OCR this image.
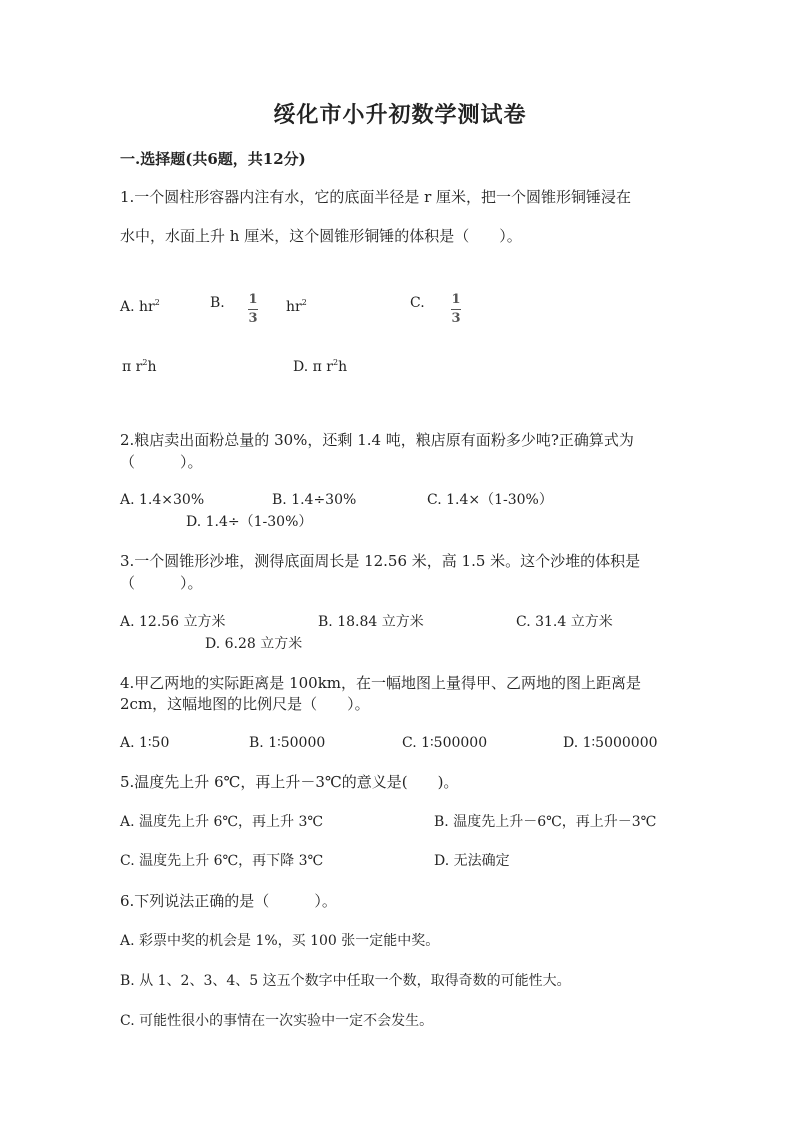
绥化市小升初数学测试卷
一.选择题(共6题，共12分)
1.一个圆柱形容器内注有水，它的底面半径是 r 厘米，把一个圆锥形铜锤浸在
水中，水面上升 h 厘米，这个圆锥形铜锤的体积是（　　）。
A. $hr^2$	B. $\frac{1}{3} hr^2$	C. $\frac{1}{3}$
π $r^2h$	D. π $r^2h$
2.粮店卖出面粉总量的 30%，还剩 1.4 吨，粮店原有面粉多少吨?正确算式为
（　　　）。
A. 1.4×30%	B. 1.4÷30%	C. 1.4×（1-30%）
D. 1.4÷（1-30%）
3.一个圆锥形沙堆，测得底面周长是 12.56 米，高 1.5 米。这个沙堆的体积是
（　　　）。
A. 12.56 立方米	B. 18.84 立方米	C. 31.4 立方米
D. 6.28 立方米
4.甲乙两地的实际距离是 100km，在一幅地图上量得甲、乙两地的图上距离是
2cm，这幅地图的比例尺是（　　）。
A. 1∶50	B. 1∶50000	C. 1∶500000	D. 1∶5000000
5.温度先上升 6℃，再上升－3℃的意义是(　　)。
A. 温度先上升 6℃，再上升 3℃	B. 温度先上升－6℃，再上升－3℃
C. 温度先上升 6℃，再下降 3℃	D. 无法确定
6.下列说法正确的是（　　　）。
A. 彩票中奖的机会是 1%，买 100 张一定能中奖。
B. 从 1、2、3、4、5 这五个数字中任取一个数，取得奇数的可能性大。
C. 可能性很小的事情在一次实验中一定不会发生。
